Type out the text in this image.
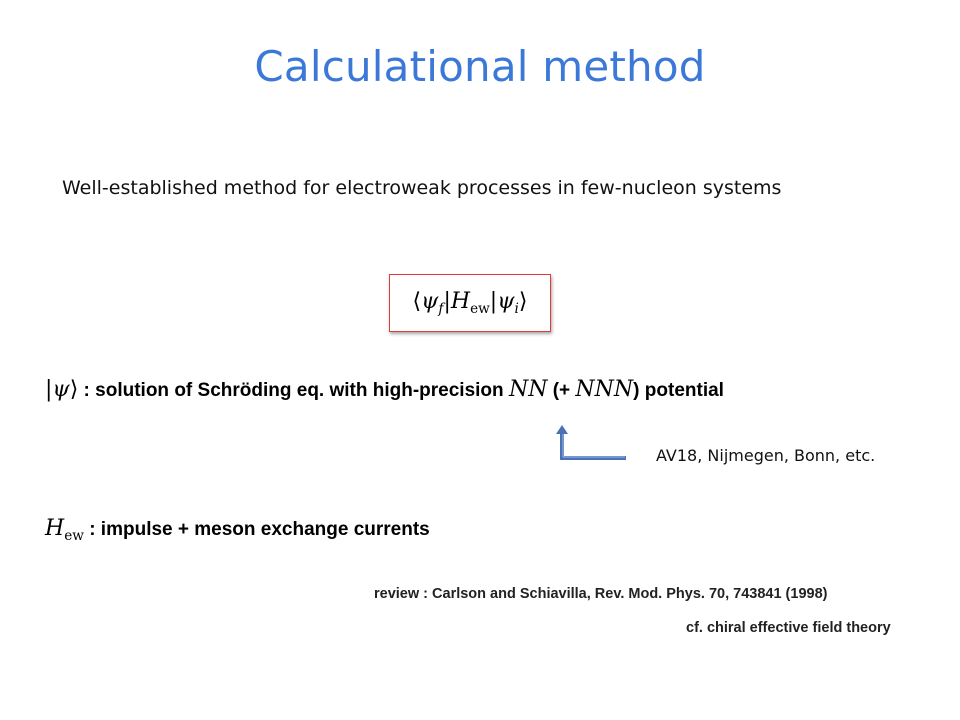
Calculational method
Well-established method for electroweak processes in few-nucleon systems
$⟨\psi_f|H_{ew}|\psi_i⟩$
|ψ⟩ : solution of Schröding eq. with high-precision NN (+ NNN) potential
AV18, Nijmegen, Bonn, etc.
$H_{ew}$ : impulse + meson exchange currents
review : Carlson and Schiavilla, Rev. Mod. Phys. 70, 743841 (1998)
cf. chiral effective field theory
